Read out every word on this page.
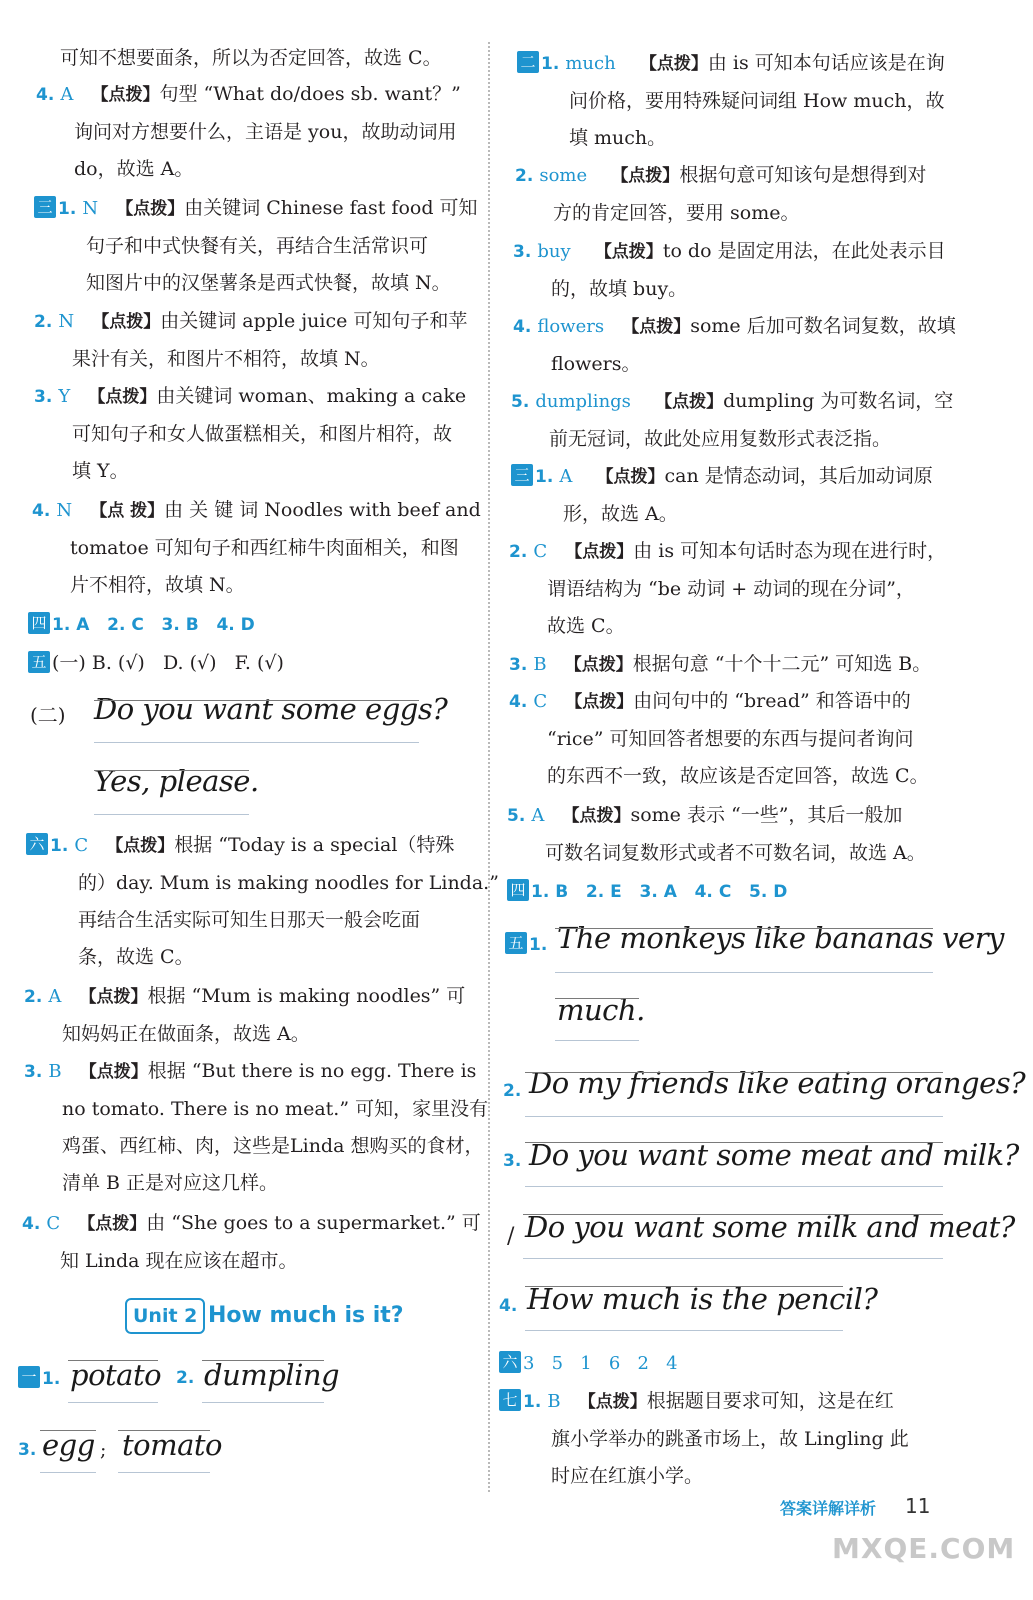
可知不想要面条，所以为否定回答，故选 C。
4. A 【点拨】句型 “What do/does sb. want？”
询问对方想要什么，主语是 you，故助动词用
do，故选 A。
三 1. N 【点拨】由关键词 Chinese fast food 可知
句子和中式快餐有关，再结合生活常识可
知图片中的汉堡薯条是西式快餐，故填 N。
2. N 【点拨】由关键词 apple juice 可知句子和苹
果汁有关，和图片不相符，故填 N。
3. Y 【点拨】由关键词 woman、making a cake
可知句子和女人做蛋糕相关，和图片相符，故
填 Y。
4. N 【点 拨】由 关 键 词 Noodles with beef and
tomatoe 可知句子和西红柿牛肉面相关，和图
片不相符，故填 N。
四 1. A   2. C   3. B   4. D
五 (一) B. (√)   D. (√)   F. (√)
(二) Do you want some eggs?
Yes, please.
六 1. C 【点拨】根据 “Today is a special（特殊
的）day. Mum is making noodles for Linda.”
再结合生活实际可知生日那天一般会吃面
条，故选 C。
2. A 【点拨】根据 “Mum is making noodles” 可
知妈妈正在做面条，故选 A。
3. B 【点拨】根据 “But there is no egg. There is
no tomato. There is no meat.” 可知，家里没有
鸡蛋、西红柿、肉，这些是Linda 想购买的食材，
清单 B 正是对应这几样。
4. C 【点拨】由 “She goes to a supermarket.” 可
知 Linda 现在应该在超市。
Unit 2 How much is it?
一 1. potato 2. dumpling
3. egg ; tomato
二 1. much 【点拨】由 is 可知本句话应该是在询
问价格，要用特殊疑问词组 How much，故
填 much。
2. some 【点拨】根据句意可知该句是想得到对
方的肯定回答，要用 some。
3. buy 【点拨】to do 是固定用法，在此处表示目
的，故填 buy。
4. flowers 【点拨】some 后加可数名词复数，故填
flowers。
5. dumplings 【点拨】dumpling 为可数名词，空
前无冠词，故此处应用复数形式表泛指。
三 1. A 【点拨】can 是情态动词，其后加动词原
形，故选 A。
2. C 【点拨】由 is 可知本句话时态为现在进行时，
谓语结构为 “be 动词 + 动词的现在分词”，
故选 C。
3. B 【点拨】根据句意 “十个十二元” 可知选 B。
4. C 【点拨】由问句中的 “bread” 和答语中的
“rice” 可知回答者想要的东西与提问者询问
的东西不一致，故应该是否定回答，故选 C。
5. A 【点拨】some 表示 “一些”，其后一般加
可数名词复数形式或者不可数名词，故选 A。
四 1. B   2. E   3. A   4. C   5. D
五 1. The monkeys like bananas very
much.
2. Do my friends like eating oranges?
3. Do you want some meat and milk?
/ Do you want some milk and meat?
4. How much is the pencil?
六 3   5   1   6   2   4
七 1. B 【点拨】根据题目要求可知，这是在红
旗小学举办的跳蚤市场上，故 Lingling 此
时应在红旗小学。
答案详解详析 11
MXQE.COM
